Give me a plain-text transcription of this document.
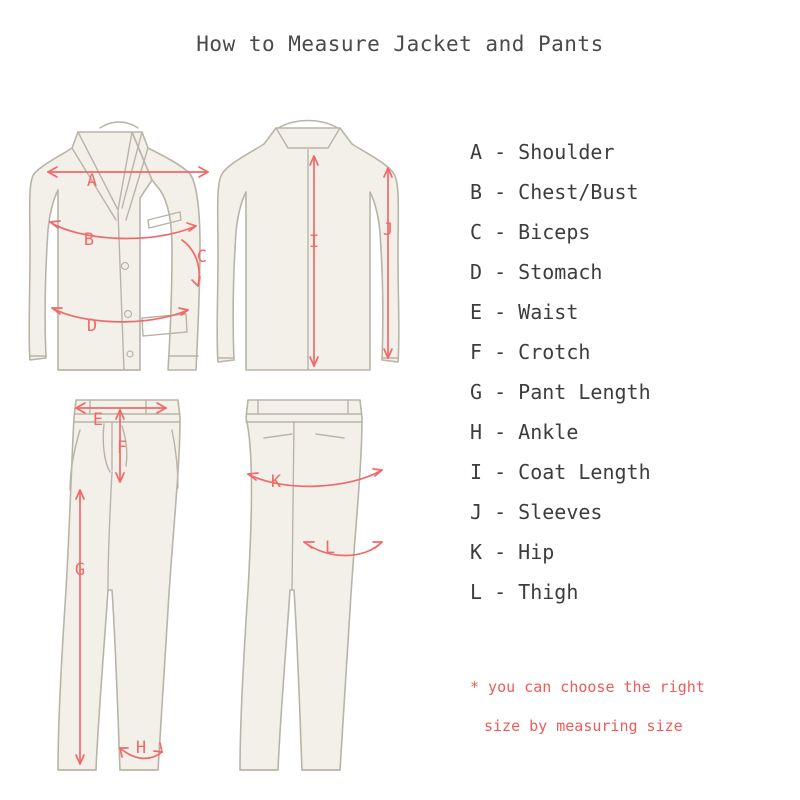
How to Measure Jacket and Pants
A
B
C
D
I
J
E
F
G
H
K
L
A - Shoulder
B - Chest/Bust
C - Biceps
D - Stomach
E - Waist
F - Crotch
G - Pant Length
H - Ankle
I - Coat Length
J - Sleeves
K - Hip
L - Thigh
* you can choose the right
size by measuring size
